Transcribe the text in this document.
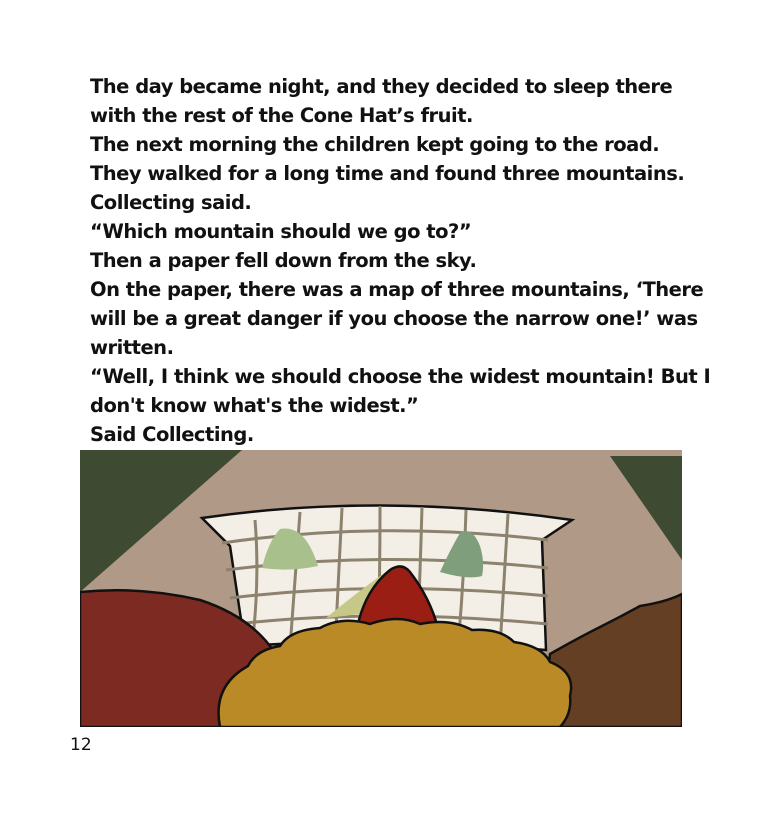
The day became night, and they decided to sleep there
with the rest of the Cone Hat’s fruit.
The next morning the children kept going to the road.
They walked for a long time and found three mountains.
Collecting said.
“Which mountain should we go to?”
Then a paper fell down from the sky.
On the paper, there was a map of three mountains, ‘There
will be a great danger if you choose the narrow one!’ was
written.
“Well, I think we should choose the widest mountain! But I
don't know what's the widest.”
Said Collecting.
12
